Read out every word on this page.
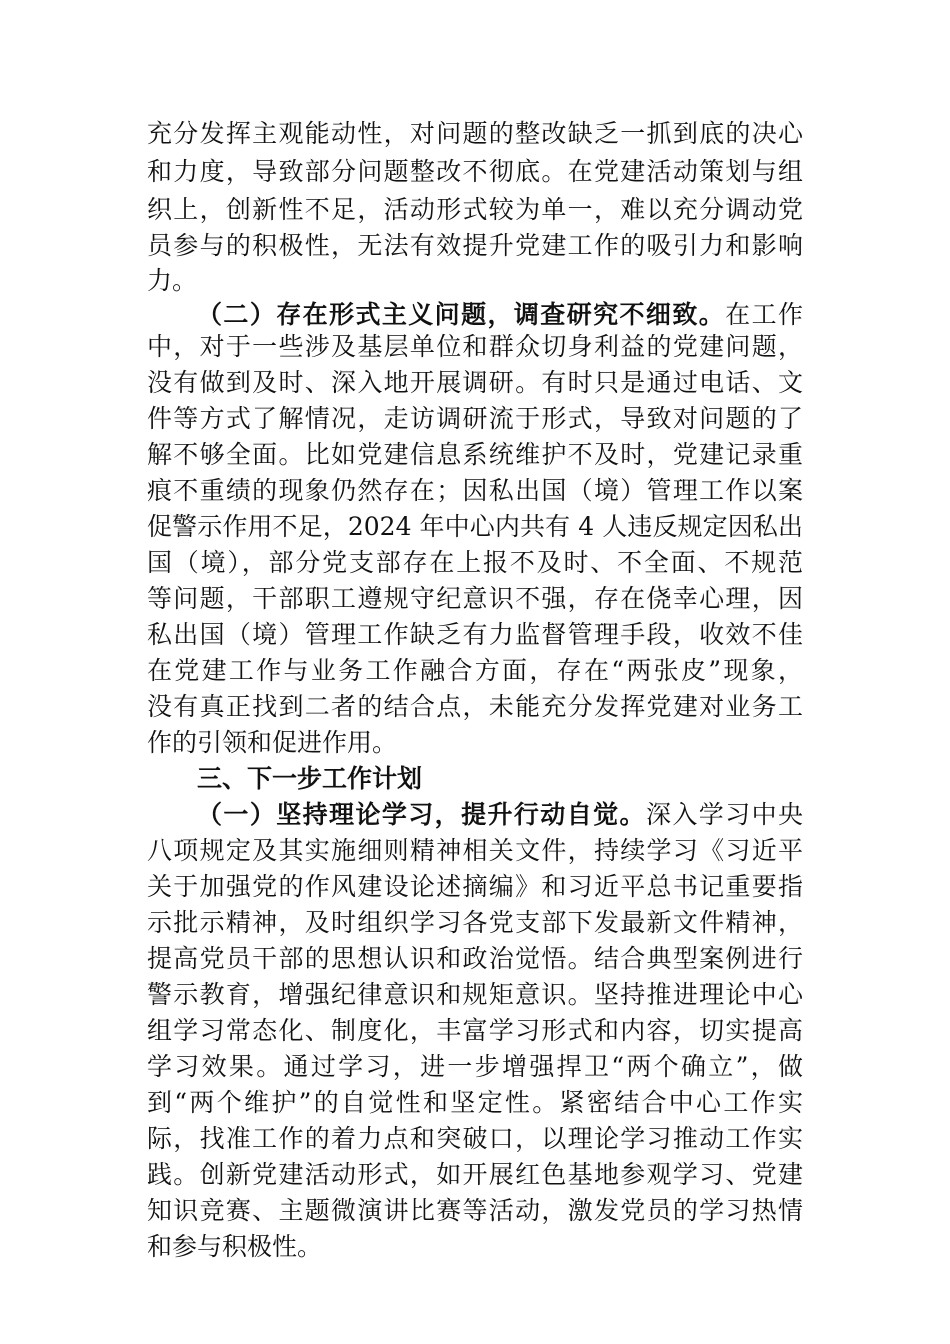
充分发挥主观能动性，对问题的整改缺乏一抓到底的决心
和力度，导致部分问题整改不彻底。在党建活动策划与组
织上，创新性不足，活动形式较为单一，难以充分调动党
员参与的积极性，无法有效提升党建工作的吸引力和影响
力。
（二）存在形式主义问题，调查研究不细致。在工作
中，对于一些涉及基层单位和群众切身利益的党建问题，
没有做到及时、深入地开展调研。有时只是通过电话、文
件等方式了解情况，走访调研流于形式，导致对问题的了
解不够全面。比如党建信息系统维护不及时，党建记录重
痕不重绩的现象仍然存在；因私出国（境）管理工作以案
促警示作用不足，2024 年中心内共有 4 人违反规定因私出
国（境），部分党支部存在上报不及时、不全面、不规范
等问题，干部职工遵规守纪意识不强，存在侥幸心理，因
私出国（境）管理工作缺乏有力监督管理手段，收效不佳
在党建工作与业务工作融合方面，存在“两张皮”现象，
没有真正找到二者的结合点，未能充分发挥党建对业务工
作的引领和促进作用。
三、下一步工作计划
（一）坚持理论学习，提升行动自觉。深入学习中央
八项规定及其实施细则精神相关文件，持续学习《习近平
关于加强党的作风建设论述摘编》和习近平总书记重要指
示批示精神，及时组织学习各党支部下发最新文件精神，
提高党员干部的思想认识和政治觉悟。结合典型案例进行
警示教育，增强纪律意识和规矩意识。坚持推进理论中心
组学习常态化、制度化，丰富学习形式和内容，切实提高
学习效果。通过学习，进一步增强捍卫“两个确立”，做
到“两个维护”的自觉性和坚定性。紧密结合中心工作实
际，找准工作的着力点和突破口，以理论学习推动工作实
践。创新党建活动形式，如开展红色基地参观学习、党建
知识竞赛、主题微演讲比赛等活动，激发党员的学习热情
和参与积极性。
